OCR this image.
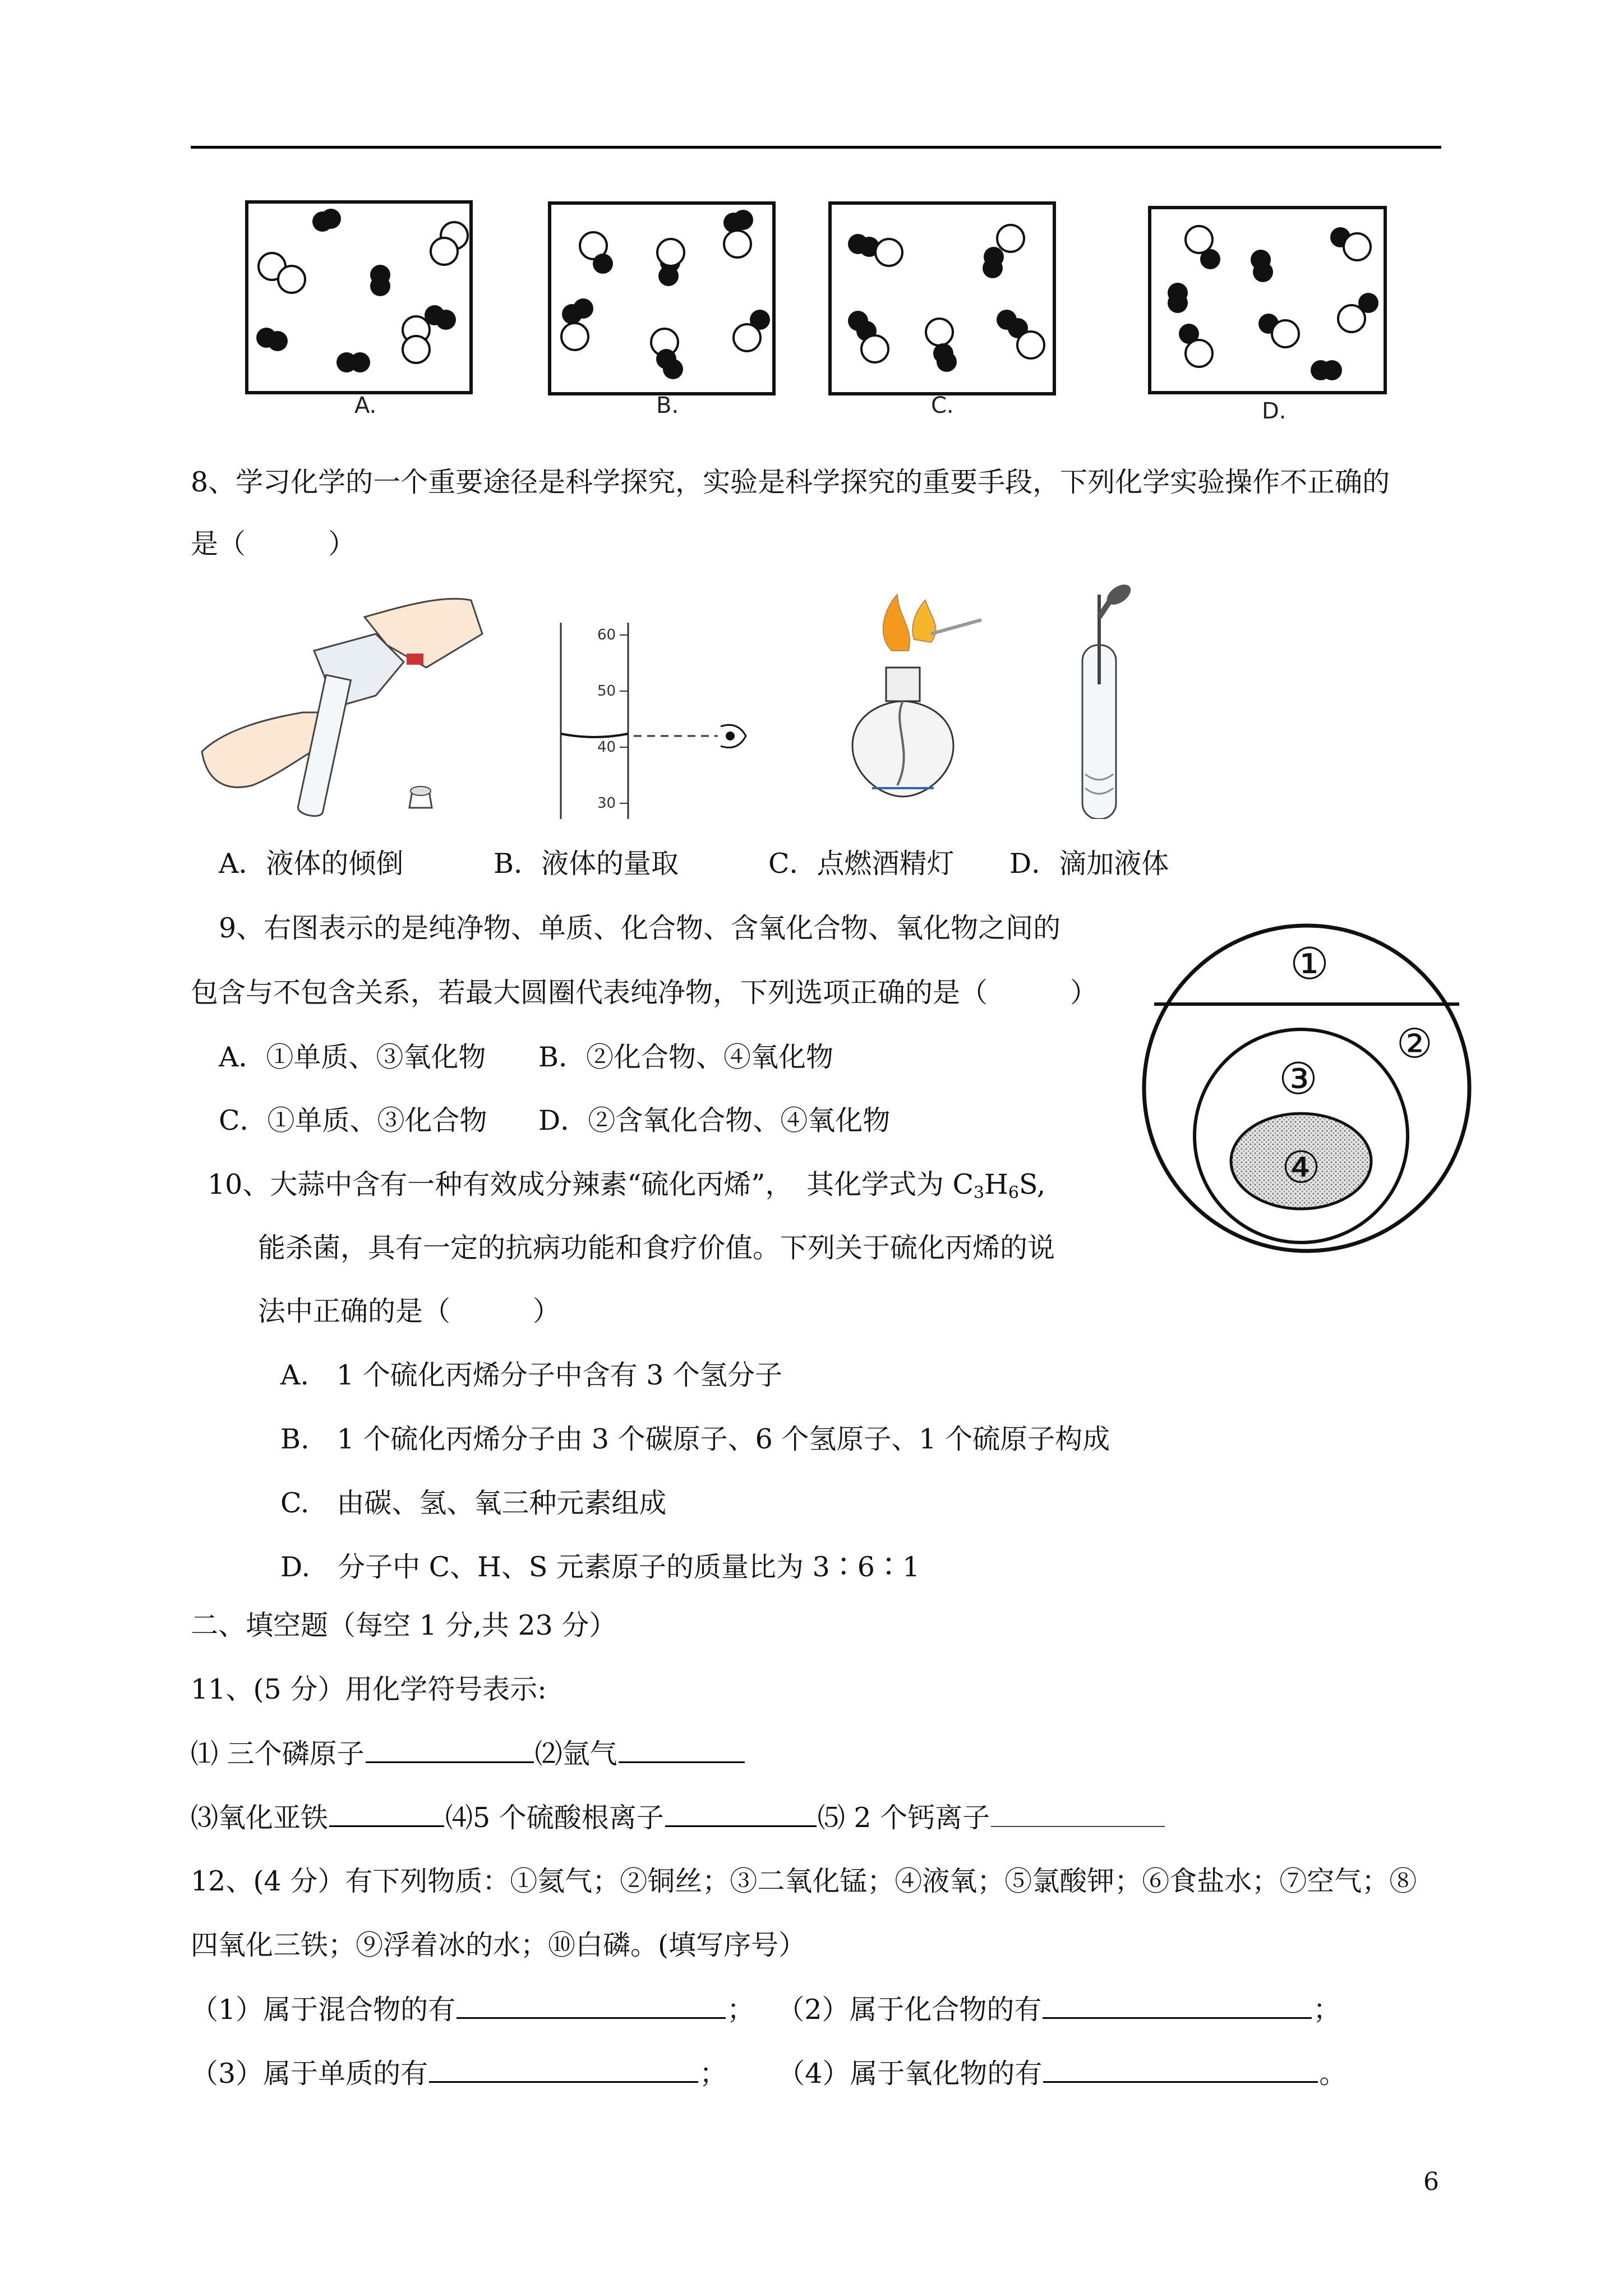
A.	B.	C.	D.
8、学习化学的一个重要途径是科学探究，实验是科学探究的重要手段，下列化学实验操作不正确的
是（　　　）
60
50
40
30
A．液体的倾倒	B．液体的量取	C．点燃酒精灯 D．滴加液体
9、右图表示的是纯净物、单质、化合物、含氧化合物、氧化物之间的
包含与不包含关系，若最大圆圈代表纯净物，下列选项正确的是（　　　）
A．①单质、③氧化物 B．②化合物、④氧化物
C．①单质、③化合物 D．②含氧化合物、④氧化物
①
②
③
④
10、大蒜中含有一种有效成分辣素“硫化丙烯”，　其化学式为 $C_3H_6S$,
能杀菌，具有一定的抗病功能和食疗价值。下列关于硫化丙烯的说
法中正确的是（　　　）
A.　1 个硫化丙烯分子中含有 3 个氢分子
B.　1 个硫化丙烯分子由 3 个碳原子、6 个氢原子、1 个硫原子构成
C.　由碳、氢、氧三种元素组成
D.　分子中 C、H、S 元素原子的质量比为 3∶6∶1
二、填空题（每空 1 分,共 23 分）
11、(5 分）用化学符号表示:
⑴ 三个磷原子	⑵氩气
⑶氧化亚铁	⑷5 个硫酸根离子	⑸ 2 个钙离子
12、(4 分）有下列物质：①氦气；②铜丝；③二氧化锰；④液氧；⑤氯酸钾；⑥食盐水；⑦空气；⑧
四氧化三铁；⑨浮着冰的水；⑩白磷。(填写序号）
（1）属于混合物的有	； （2）属于化合物的有	；
（3）属于单质的有	； （4）属于氧化物的有	。
6
